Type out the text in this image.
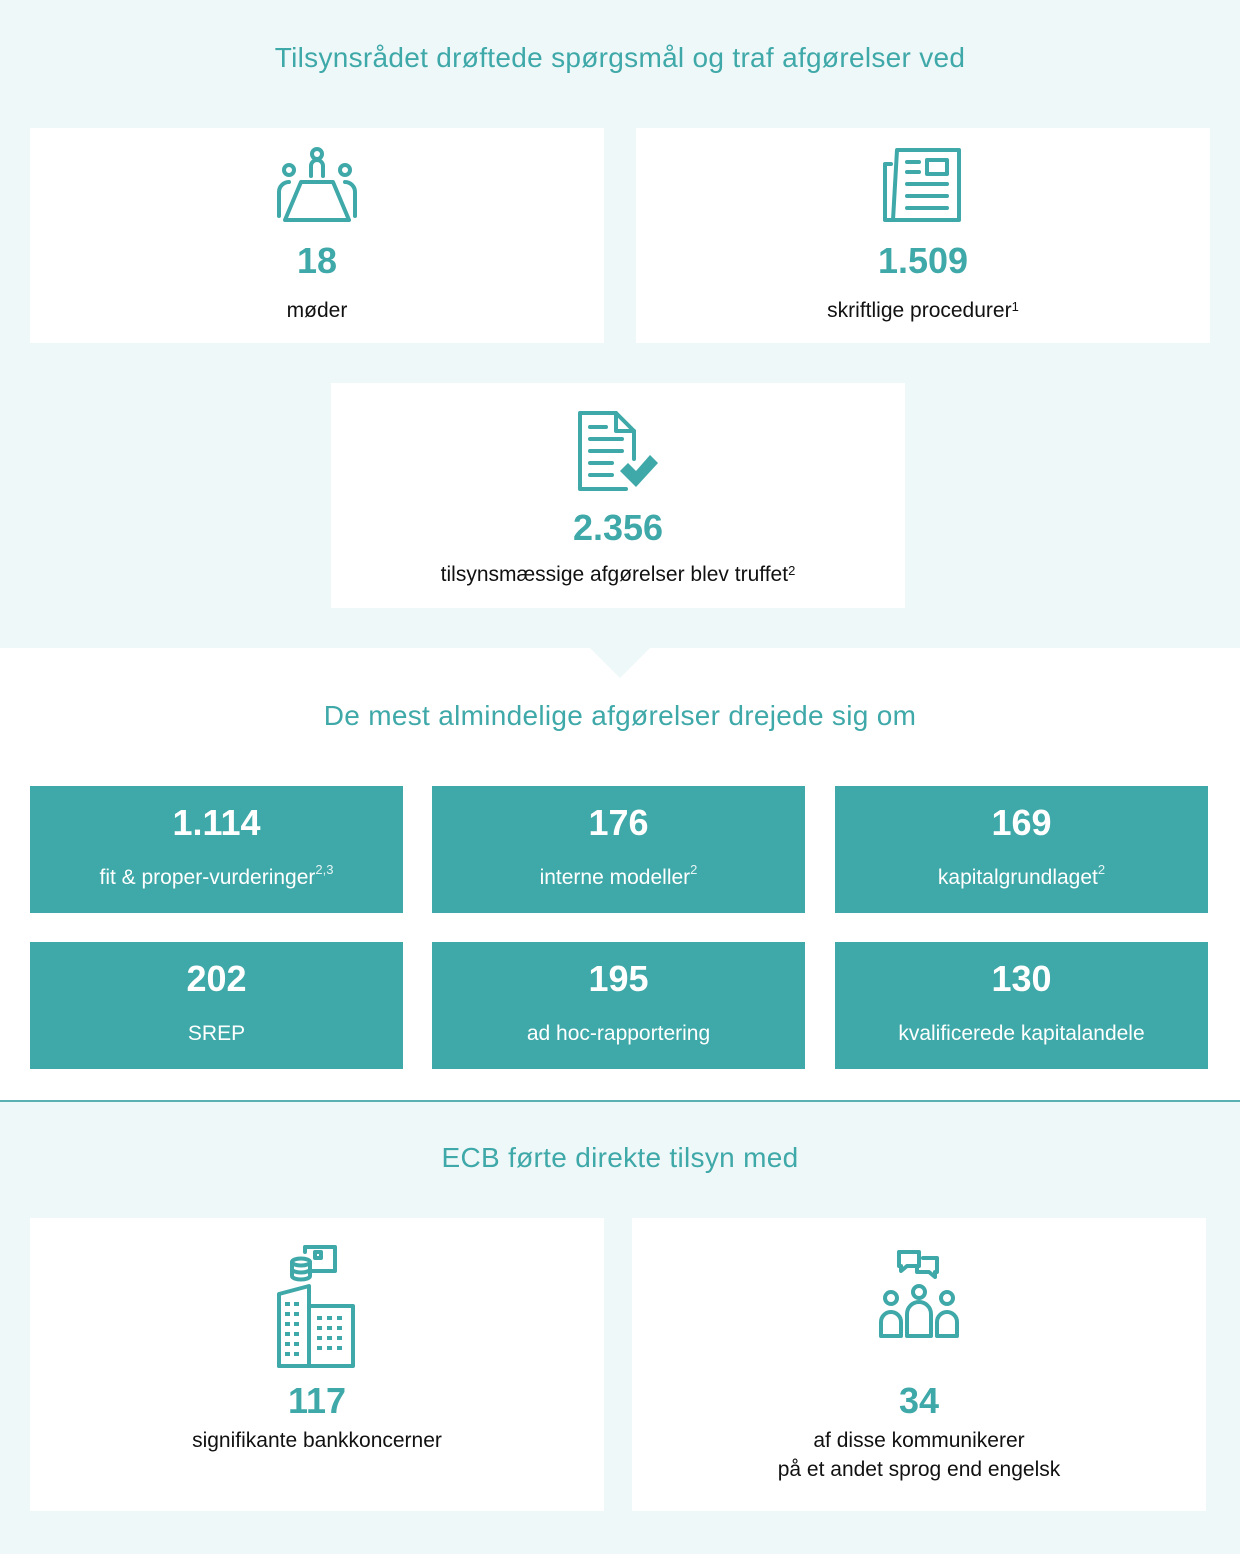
Tilsynsrådet drøftede spørgsmål og traf afgørelser ved
18
møder
1.509
skriftlige procedurer$^1$
2.356
tilsynsmæssige afgørelser blev truffet$^2$
De mest almindelige afgørelser drejede sig om
1.114
fit & proper-vurderinger$^{2,3}$
176
interne modeller$^2$
169
kapitalgrundlaget$^2$
202
SREP
195
ad hoc-rapportering
130
kvalificerede kapitalandele
ECB førte direkte tilsyn med
117
signifikante bankkoncerner
34
af disse kommunikerer
på et andet sprog end engelsk
